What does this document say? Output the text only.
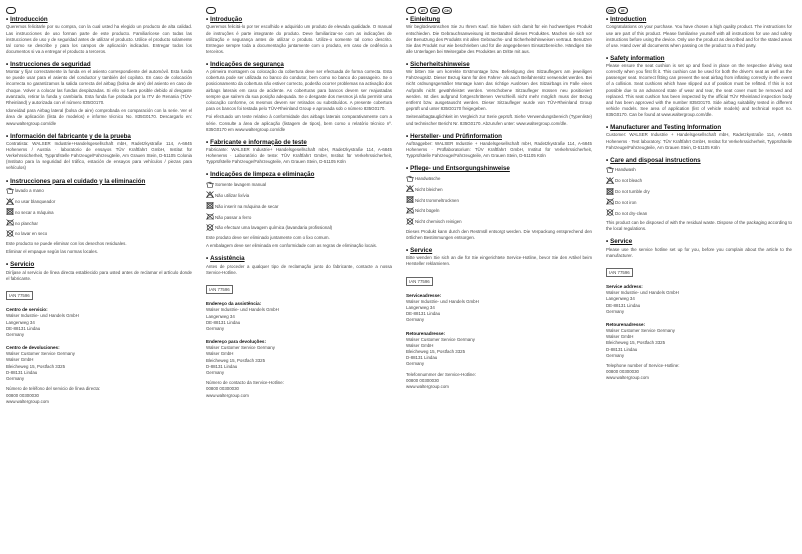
• Introducción

Queremos felicitarle por su compra, con la cual usted ha elegido un producto de alta calidad. Las instrucciones de uso forman parte de este producto. Familiarícese con todas las instrucciones de uso y de seguridad antes de utilizar el producto. Utilice el producto solamente tal como se describe y para los campos de aplicación indicados. Entregar todos los documentos si va a entregar el producto a terceros.

• Instrucciones de seguridad

Montar y fijar correctamente la funda en el asiento correspondiente del automóvil. Esta funda se puede usar para el asiento del conductor y también del copiloto. En caso de colocación incorrecta no garantizamos la salida correcta del airbag (bolsa de aire) del asiento en caso de choque. Volver a colocar las fundas desplazadas. Si ello no fuera posible debido al desgaste avanzado, retirar la funda y cambiarla. Esta funda fue probada por la ITV de Renania (TÜV-Rheinland) y autorizada con el número 835G0170.

Idoneidad para Airbag lateral (bolsa de aire) comprobada en comparación con la serie. Ver el área de aplicación (lista de modelos) e informe técnico No. 835G0170. Descargarlo en: www.waltergroup.com/dle

• Información del fabricante y de la prueba

Contratista: WALSER Industrie+Handelsgesellschaft mbH, Radetzkystraße 114, A-6845 Hohenems / Austria · laboratorio de ensayos TÜV Kraftfahrt GmbH, Institut für Verkehrssicherheit, Typprüfstelle Fahrzeuge/Fahrzeugteile, Am Grauen Stein, D-51105 Colonia (Instituto para la seguridad del tráfico, estación de ensayos para vehículos / piezas para vehículos)

• Instrucciones para el cuidado y la eliminación
lavado a mano
no usar blanqueador
no secar a máquina
no planchar
no lavar en seco

Este producto se puede eliminar con los desechos residuales.

Eliminar el empaque según las normas locales.

• Servicio

Diríjase al servicio de línea directa establecido para usted antes de reclamar el artículo donde el fabricante.

IAN 77596
Centro de servicio:
Walser Industrie- und Handels GmbH
Langenweg 34
DE-88131 Lindau
Germany
Centro de devoluciones:
Walser Customer Service Germany
Walser GmbH
Bleicheweg 15, Postfach 3325
D-88131 Lindau
Germany
Número de teléfono del servicio de línea directa:
00800 00300030
www.waltergroup.com
• Introdução

Queremos felicitá-lo por ter escolhido e adquirido um produto de elevada qualidade. O manual de instruções é parte integrante do produto. Deve familiarizar-se com as indicações de utilização e segurança antes de utilizar o produto. Utilize-o somente tal como descrito. Entregue sempre toda a documentação juntamente com o produto, em caso de cedência a terceiros.

• Indicações de segurança

A primeira montagem ou colocação da cobertura deve ser efectuada de forma correcta. Esta cobertura pode ser utilizada no banco do condutor, bem como no banco do passageiro. Se o posicionamento da cobertura não estiver correcto, poderão ocorrer problemas na activação dos airbags laterais em caso de acidente. As coberturas para bancos devem ser reajustadas sempre que saírem da sua posição adequada. Se o desgaste dos mesmos já não permitir uma colocação conforme, os mesmos devem ser retirados ou substituídos. A presente cobertura para os bancos foi testada pelo TÜV-Rheinland Group e aprovada sob o número 835G0170.

Foi efectuado um teste relativo à conformidade dos airbags laterais comparativamente com a série. Consulte a área de aplicação (listagem de tipos), bem como o relatório técnico nº. 835G0170 em www.waltergroup.com/dle

• Fabricante e informação de teste

Fabricante: WALSER Industrie+ Handelsgesellschaft mbH, Radetzkystraße 114, A-6845 Hohenems · Laboratório de teste: TÜV Kraftfahrt GmbH, Institut für Verkehrssicherheit, Typprüfstelle Fahrzeuge/Fahrzeugteile, Am Grauen Stein, D-51105 Köln

• Indicações de limpeza e eliminação
Somente lavagem manual
Não utilizar lixívia
Não inserir na máquina de secar
Não passar a ferro
Não efectuar uma lavagem química (lavandaria profissional)

Este produto deve ser eliminado juntamente com o lixo comum.

A embalagem deve ser eliminada em conformidade com as regras de eliminação locais.

• Assistência

Antes de proceder a qualquer tipo de reclamação junto do fabricante, contacte a nossa Service-Hotline.

IAN 77596
Endereço da assistência:
Walser Industrie- und Handels GmbH
Langenweg 34
DE-88131 Lindau
Germany
Endereço para devoluções:
Walser Customer Service Germany
Walser GmbH
Bleicheweg 15, Postfach 3325
D-88131 Lindau
Germany
Número de contacto da Service-Hotline:
00800 00300030
www.waltergroup.com
AT	DE	CH
• Einleitung

Wir beglückwünschen Sie zu Ihrem Kauf. Sie haben sich damit für ein hochwertiges Produkt entschieden. Die Gebrauchsanweisung ist Bestandteil dieses Produktes. Machen sie sich vor der Benutzung des Produkts mit allen Gebrauchs- und Sicherheitshinweisen vertraut. Benutzen Sie das Produkt nur wie beschrieben und für die angegebenen Einsatzbereiche. Händigen Sie alle Unterlagen bei Weitergabe des Produktes an Dritte mit aus.

• Sicherheitshinweise

Wir bitten Sie um korrekte Erstmontage bzw. Befestigung des Sitzauflegers am jeweiligen Fahrzeugsitz. Dieser Bezug kann für den Fahrer- als auch Beifahrersitz verwendet werden. Bei nicht ordnungsgemäßer Montage kann das richtige Auslösen des Sitzairbags im Falle eines Aufpralls nicht gewährleistet werden. Verschobene Sitzaufleger müssen neu positioniert werden. Ist dies aufgrund fortgeschrittenen Verschleiß nicht mehr möglich muss der Bezug entfernt bzw. ausgetauscht werden. Dieser Sitzaufleger wurde von TÜV-Rheinland Group geprüft und unter 835G0170 freigegeben.

Seitenairbagtauglichkeit im Vergleich zur Serie geprüft. Siehe Verwendungsbereich (Typenliste) und technischer Bericht Nr. 835G0170. Abzurufen unter: www.waltergroup.com/dle.

• Hersteller- und Prüfinformation

Auftraggeber: WALSER Industrie + Handelsgesellschaft mbH, Radetzkystraße 114, A-6845 Hohenems · Prüflaboratorium: TÜV Kraftfahrt GmbH, Institut für Verkehrssicherheit, Typprüfstelle Fahrzeuge/Fahrzeugteile, Am Grauen Stein, D-51105 Köln

• Pflege- und Entsorgungshinweise
Handwäsche
Nicht bleichen
Nicht trommeltrocknen
Nicht bügeln
Nicht chemisch reinigen

Dieses Produkt kann durch den Restmüll entsorgt werden. Die Verpackung entsprechend den örtlichen Bestimmungen entsorgen.

• Service

Bitte wenden Sie sich an die für Sie eingerichtete Service-Hotline, bevor Sie den Artikel beim Hersteller reklamieren.

IAN 77596
Serviceadresse:
Walser Industrie- und Handels GmbH
Langenweg 34
DE-88131 Lindau
Germany
Retourenadresse:
Walser Customer Service Germany
Walser GmbH
Bleicheweg 15, Postfach 3325
D-88131 Lindau
Germany
Telefonnummer der Service-Hotline:
00800 00300030
www.waltergroup.com
GB	IE
• Introduction

Congratulations on your purchase. You have chosen a high quality product. The instructions for use are part of this product. Please familiarise yourself with all instructions for use and safety instructions before using the device. Only use the product as described and for the stated areas of use. Hand over all documents when passing on the product to a third party.

• Safety information

Please ensure the seat cushion is set up and fixed in place on the respective driving seat correctly when you first fit it. This cushion can be used for both the driver's seat as well as the passenger seat. Incorrect fitting can prevent the seat airbag from inflating correctly in the event of a collision. Seat cushions which have slipped out of position must be refitted. If this is not possible due to an advanced state of wear and tear, the seat cover must be removed and replaced. This seat cushion has been inspected by the official TÜV Rheinland inspection body and has been approved with the number 835G0170. Side airbag suitability tested in different vehicle models. See area of application (list of vehicle models) and technical report no. 835G0170. Can be found at www.waltergroup.com/dle.

• Manufacturer and Testing Information

Customer: WALSER Industrie + Handelsgesellschaft mbH, Radetzkystraße 114, A-6845 Hohenems · Test laboratory: TÜV Kraftfahrt GmbH, Institut für Verkehrssicherheit, Typprüfstelle Fahrzeuge/Fahrzeugteile, Am Grauen Stein, D-51105 Köln

• Care and disposal instructions
Handwash
Do not bleach
Do not tumble dry
Do not iron
Do not dry-clean

This product can be disposed of with the residual waste. Dispose of the packaging according to the local regulations.

• Service

Please use the service hotline set up for you, before you complain about the article to the manufacturer.

IAN 77596
Service address:
Walser Industrie- und Handels GmbH
Langenweg 34
DE-88131 Lindau
Germany
Retourenadresse:
Walser Customer Service Germany
Walser GmbH
Bleicheweg 15, Postfach 3325
D-88131 Lindau
Germany
Telephone number of Service-Hotline:
00800 00300030
www.waltergroup.com
